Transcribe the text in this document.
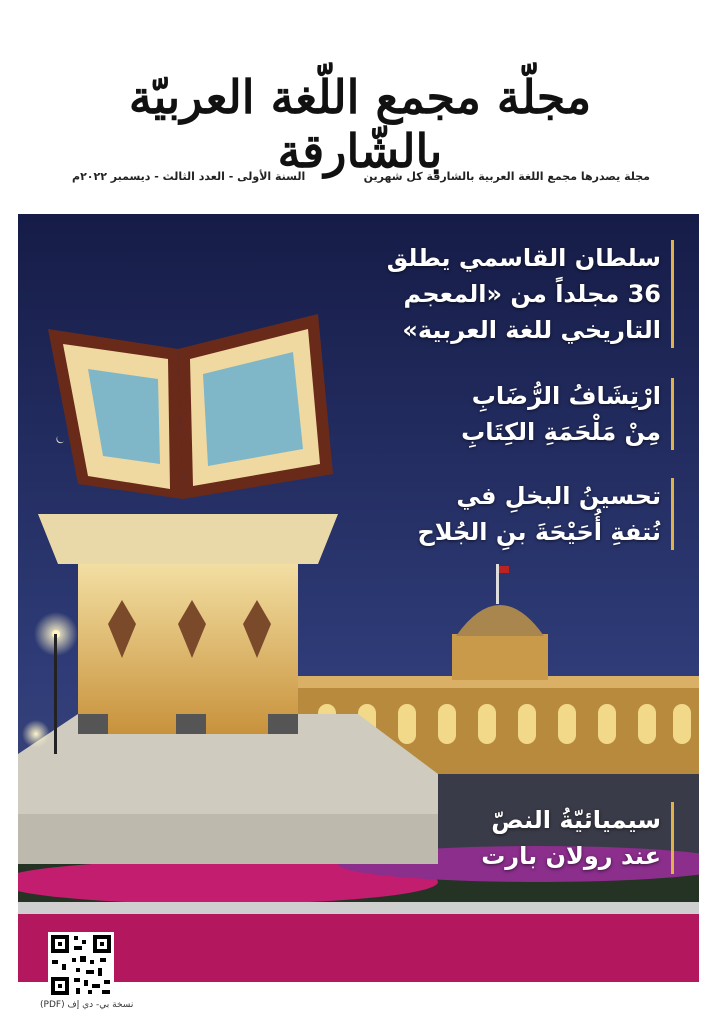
مجلّة مجمع اللّغة العربيّة بالشّارقة
مجلة يصدرها مجمع اللغة العربية بالشارقة كل شهرين
السنة الأولى - العدد الثالث - ديسمبر ٢٠٢٢م
سلطان القاسمي يطلق
36 مجلداً من «المعجم
التاريخي للغة العربية»
ارْتِشَافُ الرُّضَابِ
مِنْ مَلْحَمَةِ الكِتَابِ
تحسينُ البخلِ في
نُتفةِ أُحَيْحَةَ بنِ الجُلاح
سيميائيّةُ النصّ
عند رولان بارت
نسخة بي- دي إف (PDF)
